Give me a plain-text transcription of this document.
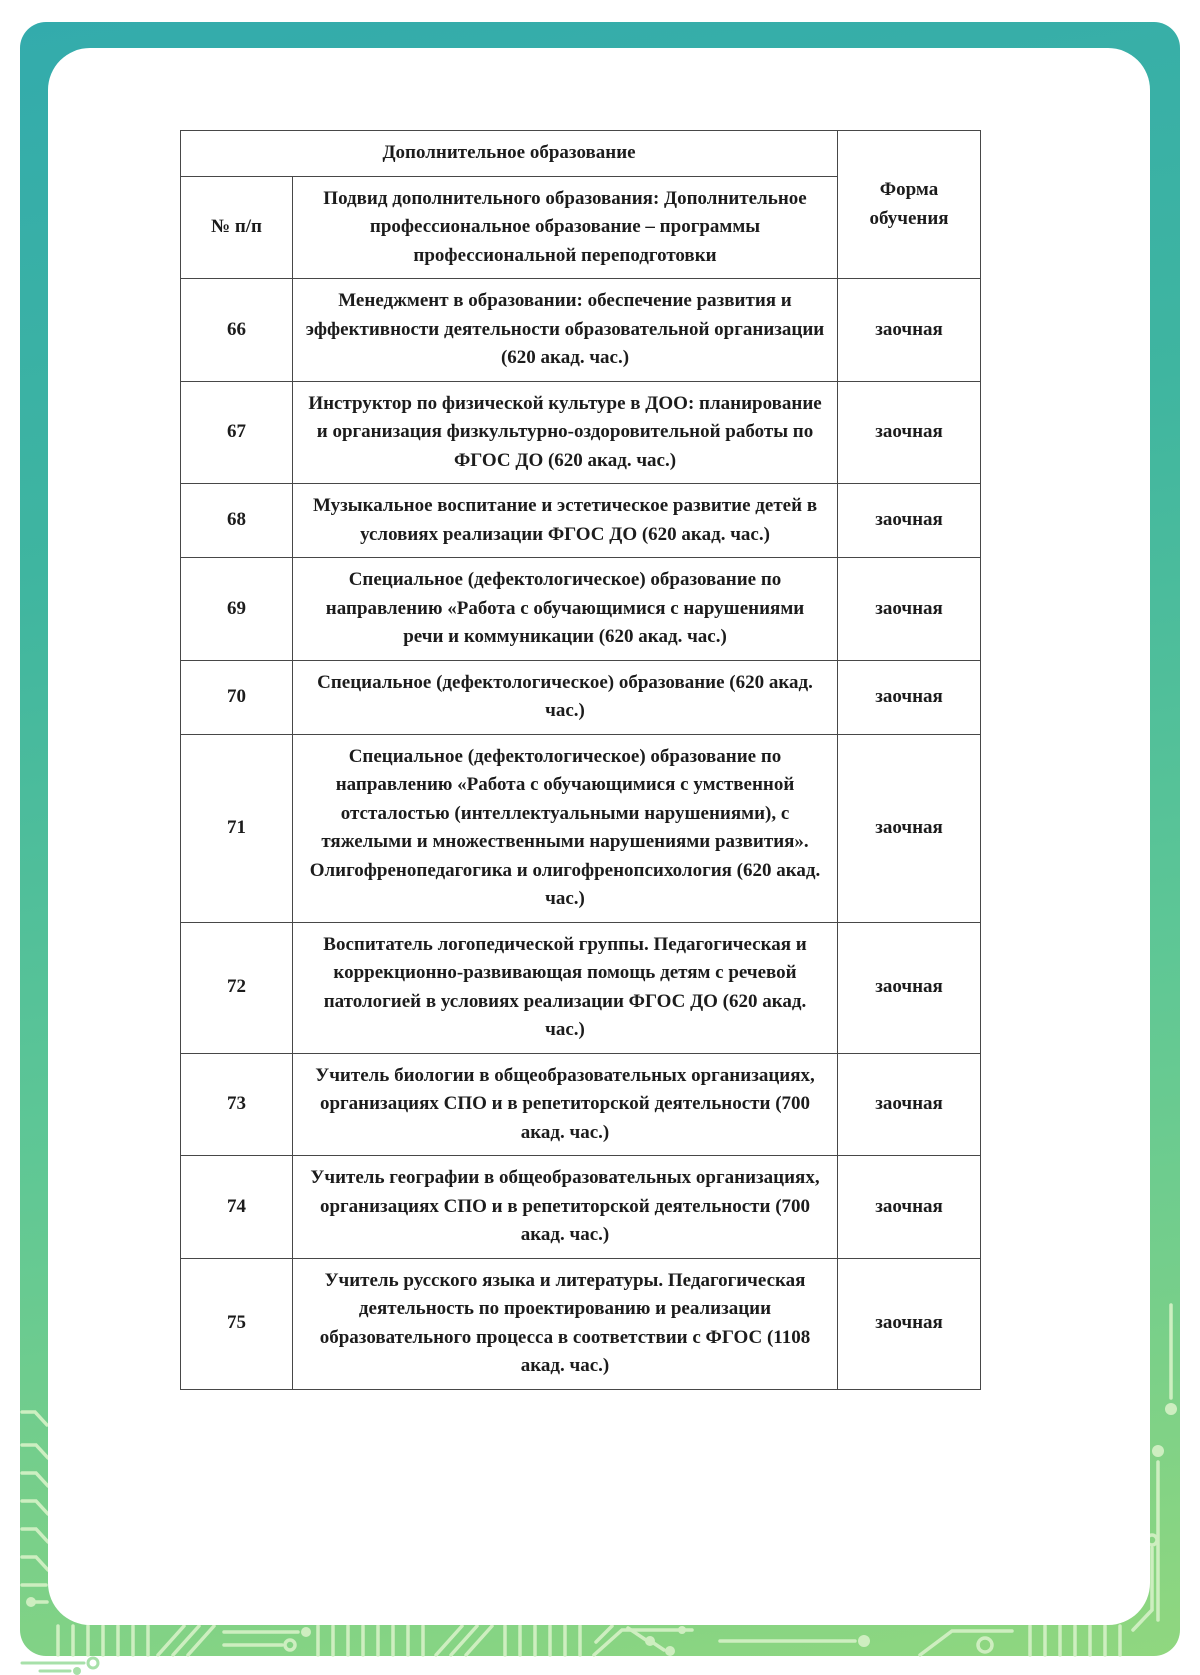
Дополнительное образование		Форма обучения
№ п/п	Подвид дополнительного образования: Дополнительное профессиональное образование – программы профессиональной переподготовки	
66	Менеджмент в образовании: обеспечение развития и эффективности деятельности образовательной организации (620 акад. час.)	заочная
67	Инструктор по физической культуре в ДОО: планирование и организация физкультурно-оздоровительной работы по ФГОС ДО (620 акад. час.)	заочная
68	Музыкальное воспитание и эстетическое развитие детей в условиях реализации ФГОС ДО (620 акад. час.)	заочная
69	Специальное (дефектологическое) образование по направлению «Работа с обучающимися с нарушениями речи и коммуникации (620 акад. час.)	заочная
70	Специальное (дефектологическое) образование (620 акад. час.)	заочная
71	Специальное (дефектологическое) образование по направлению «Работа с обучающимися с умственной отсталостью (интеллектуальными нарушениями), с тяжелыми и множественными нарушениями развития». Олигофренопедагогика и олигофренопсихология (620 акад. час.)	заочная
72	Воспитатель логопедической группы. Педагогическая и коррекционно-развивающая помощь детям с речевой патологией в условиях реализации ФГОС ДО (620 акад. час.)	заочная
73	Учитель биологии в общеобразовательных организациях, организациях СПО и в репетиторской деятельности (700 акад. час.)	заочная
74	Учитель географии в общеобразовательных организациях, организациях СПО и в репетиторской деятельности (700 акад. час.)	заочная
75	Учитель русского языка и литературы. Педагогическая деятельность по проектированию и реализации образовательного процесса в соответствии с ФГОС (1108 акад. час.)	заочная
